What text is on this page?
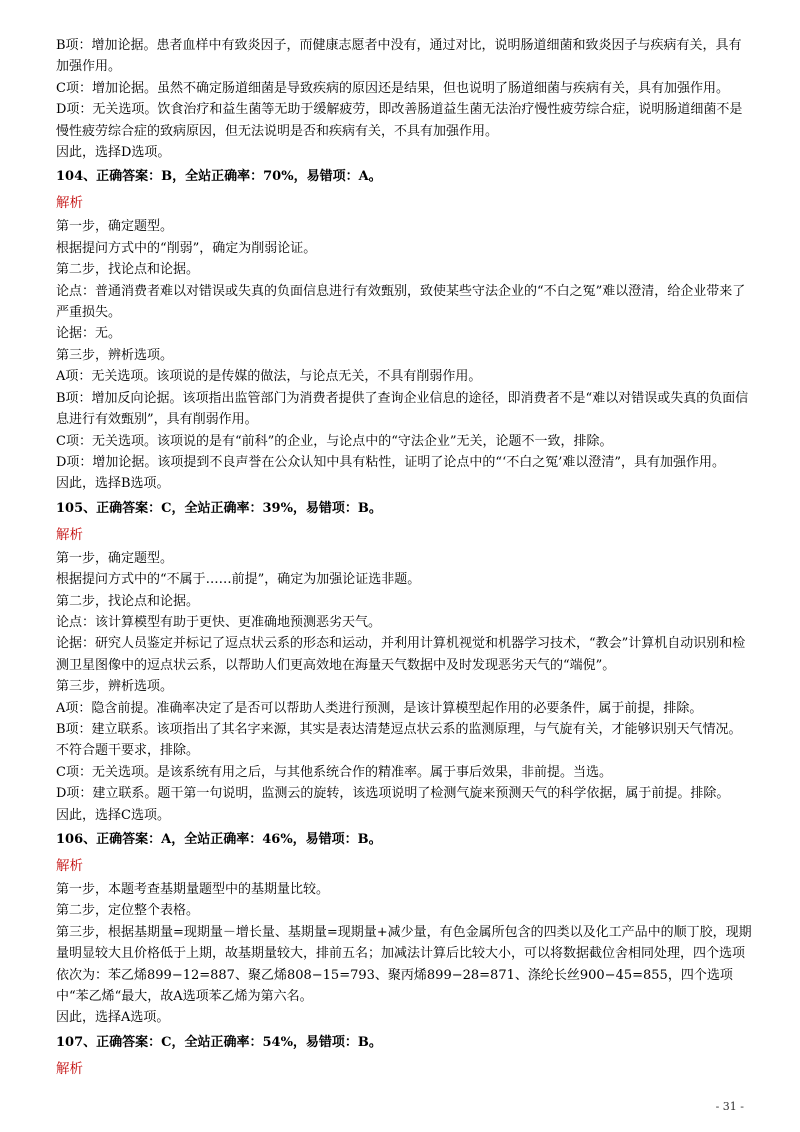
B项：增加论据。患者血样中有致炎因子，而健康志愿者中没有，通过对比，说明肠道细菌和致炎因子与疾病有关，具有加强作用。
C项：增加论据。虽然不确定肠道细菌是导致疾病的原因还是结果，但也说明了肠道细菌与疾病有关，具有加强作用。
D项：无关选项。饮食治疗和益生菌等无助于缓解疲劳，即改善肠道益生菌无法治疗慢性疲劳综合症，说明肠道细菌不是慢性疲劳综合症的致病原因，但无法说明是否和疾病有关，不具有加强作用。
因此，选择D选项。
104、正确答案：B，全站正确率：70%，易错项：A。
解析
第一步，确定题型。
根据提问方式中的“削弱”，确定为削弱论证。
第二步，找论点和论据。
论点：普通消费者难以对错误或失真的负面信息进行有效甄别，致使某些守法企业的“不白之冤”难以澄清，给企业带来了严重损失。
论据：无。
第三步，辨析选项。
A项：无关选项。该项说的是传媒的做法，与论点无关，不具有削弱作用。
B项：增加反向论据。该项指出监管部门为消费者提供了查询企业信息的途径，即消费者不是“难以对错误或失真的负面信息进行有效甄别”，具有削弱作用。
C项：无关选项。该项说的是有“前科”的企业，与论点中的“守法企业”无关，论题不一致，排除。
D项：增加论据。该项提到不良声誉在公众认知中具有粘性，证明了论点中的“‘不白之冤’难以澄清”，具有加强作用。
因此，选择B选项。
105、正确答案：C，全站正确率：39%，易错项：B。
解析
第一步，确定题型。
根据提问方式中的“不属于……前提”，确定为加强论证选非题。
第二步，找论点和论据。
论点：该计算模型有助于更快、更准确地预测恶劣天气。
论据：研究人员鉴定并标记了逗点状云系的形态和运动，并利用计算机视觉和机器学习技术，“教会”计算机自动识别和检测卫星图像中的逗点状云系，以帮助人们更高效地在海量天气数据中及时发现恶劣天气的“端倪”。
第三步，辨析选项。
A项：隐含前提。准确率决定了是否可以帮助人类进行预测，是该计算模型起作用的必要条件，属于前提，排除。
B项：建立联系。该项指出了其名字来源，其实是表达清楚逗点状云系的监测原理，与气旋有关，才能够识别天气情况。不符合题干要求，排除。
C项：无关选项。是该系统有用之后，与其他系统合作的精准率。属于事后效果，非前提。当选。
D项：建立联系。题干第一句说明，监测云的旋转，该选项说明了检测气旋来预测天气的科学依据，属于前提。排除。
因此，选择C选项。
106、正确答案：A，全站正确率：46%，易错项：B。
解析
第一步，本题考查基期量题型中的基期量比较。
第二步，定位整个表格。
第三步，根据基期量=现期量－增长量、基期量=现期量+减少量，有色金属所包含的四类以及化工产品中的顺丁胶，现期量明显较大且价格低于上期，故基期量较大，排前五名；加减法计算后比较大小，可以将数据截位舍相同处理，四个选项依次为：苯乙烯899−12=887、聚乙烯808−15=793、聚丙烯899−28=871、涤纶长丝900−45=855，四个选项中“苯乙烯“最大，故A选项苯乙烯为第六名。
因此，选择A选项。
107、正确答案：C，全站正确率：54%，易错项：B。
解析
- 31 -
